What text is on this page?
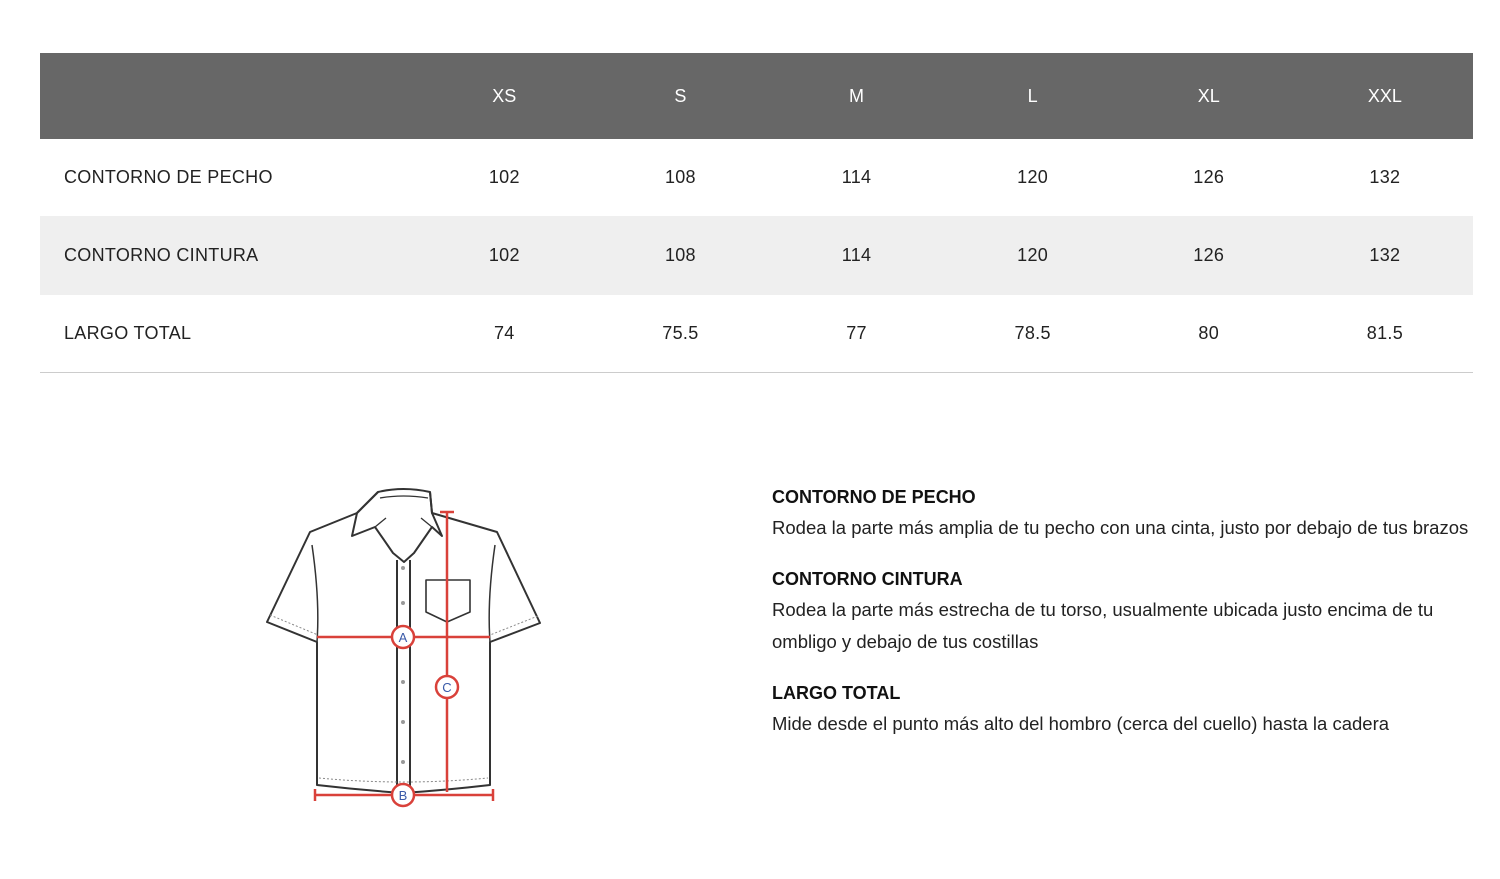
	XS	S	M	L	XL	XXL
CONTORNO DE PECHO	102	108	114	120	126	132
CONTORNO CINTURA	102	108	114	120	126	132
LARGO TOTAL	74	75.5	77	78.5	80	81.5
A
B
C
CONTORNO DE PECHO

Rodea la parte más amplia de tu pecho con una cinta, justo por debajo de tus brazos

CONTORNO CINTURA

Rodea la parte más estrecha de tu torso, usualmente ubicada justo encima de tu ombligo y debajo de tus costillas

LARGO TOTAL

Mide desde el punto más alto del hombro (cerca del cuello) hasta la cadera
